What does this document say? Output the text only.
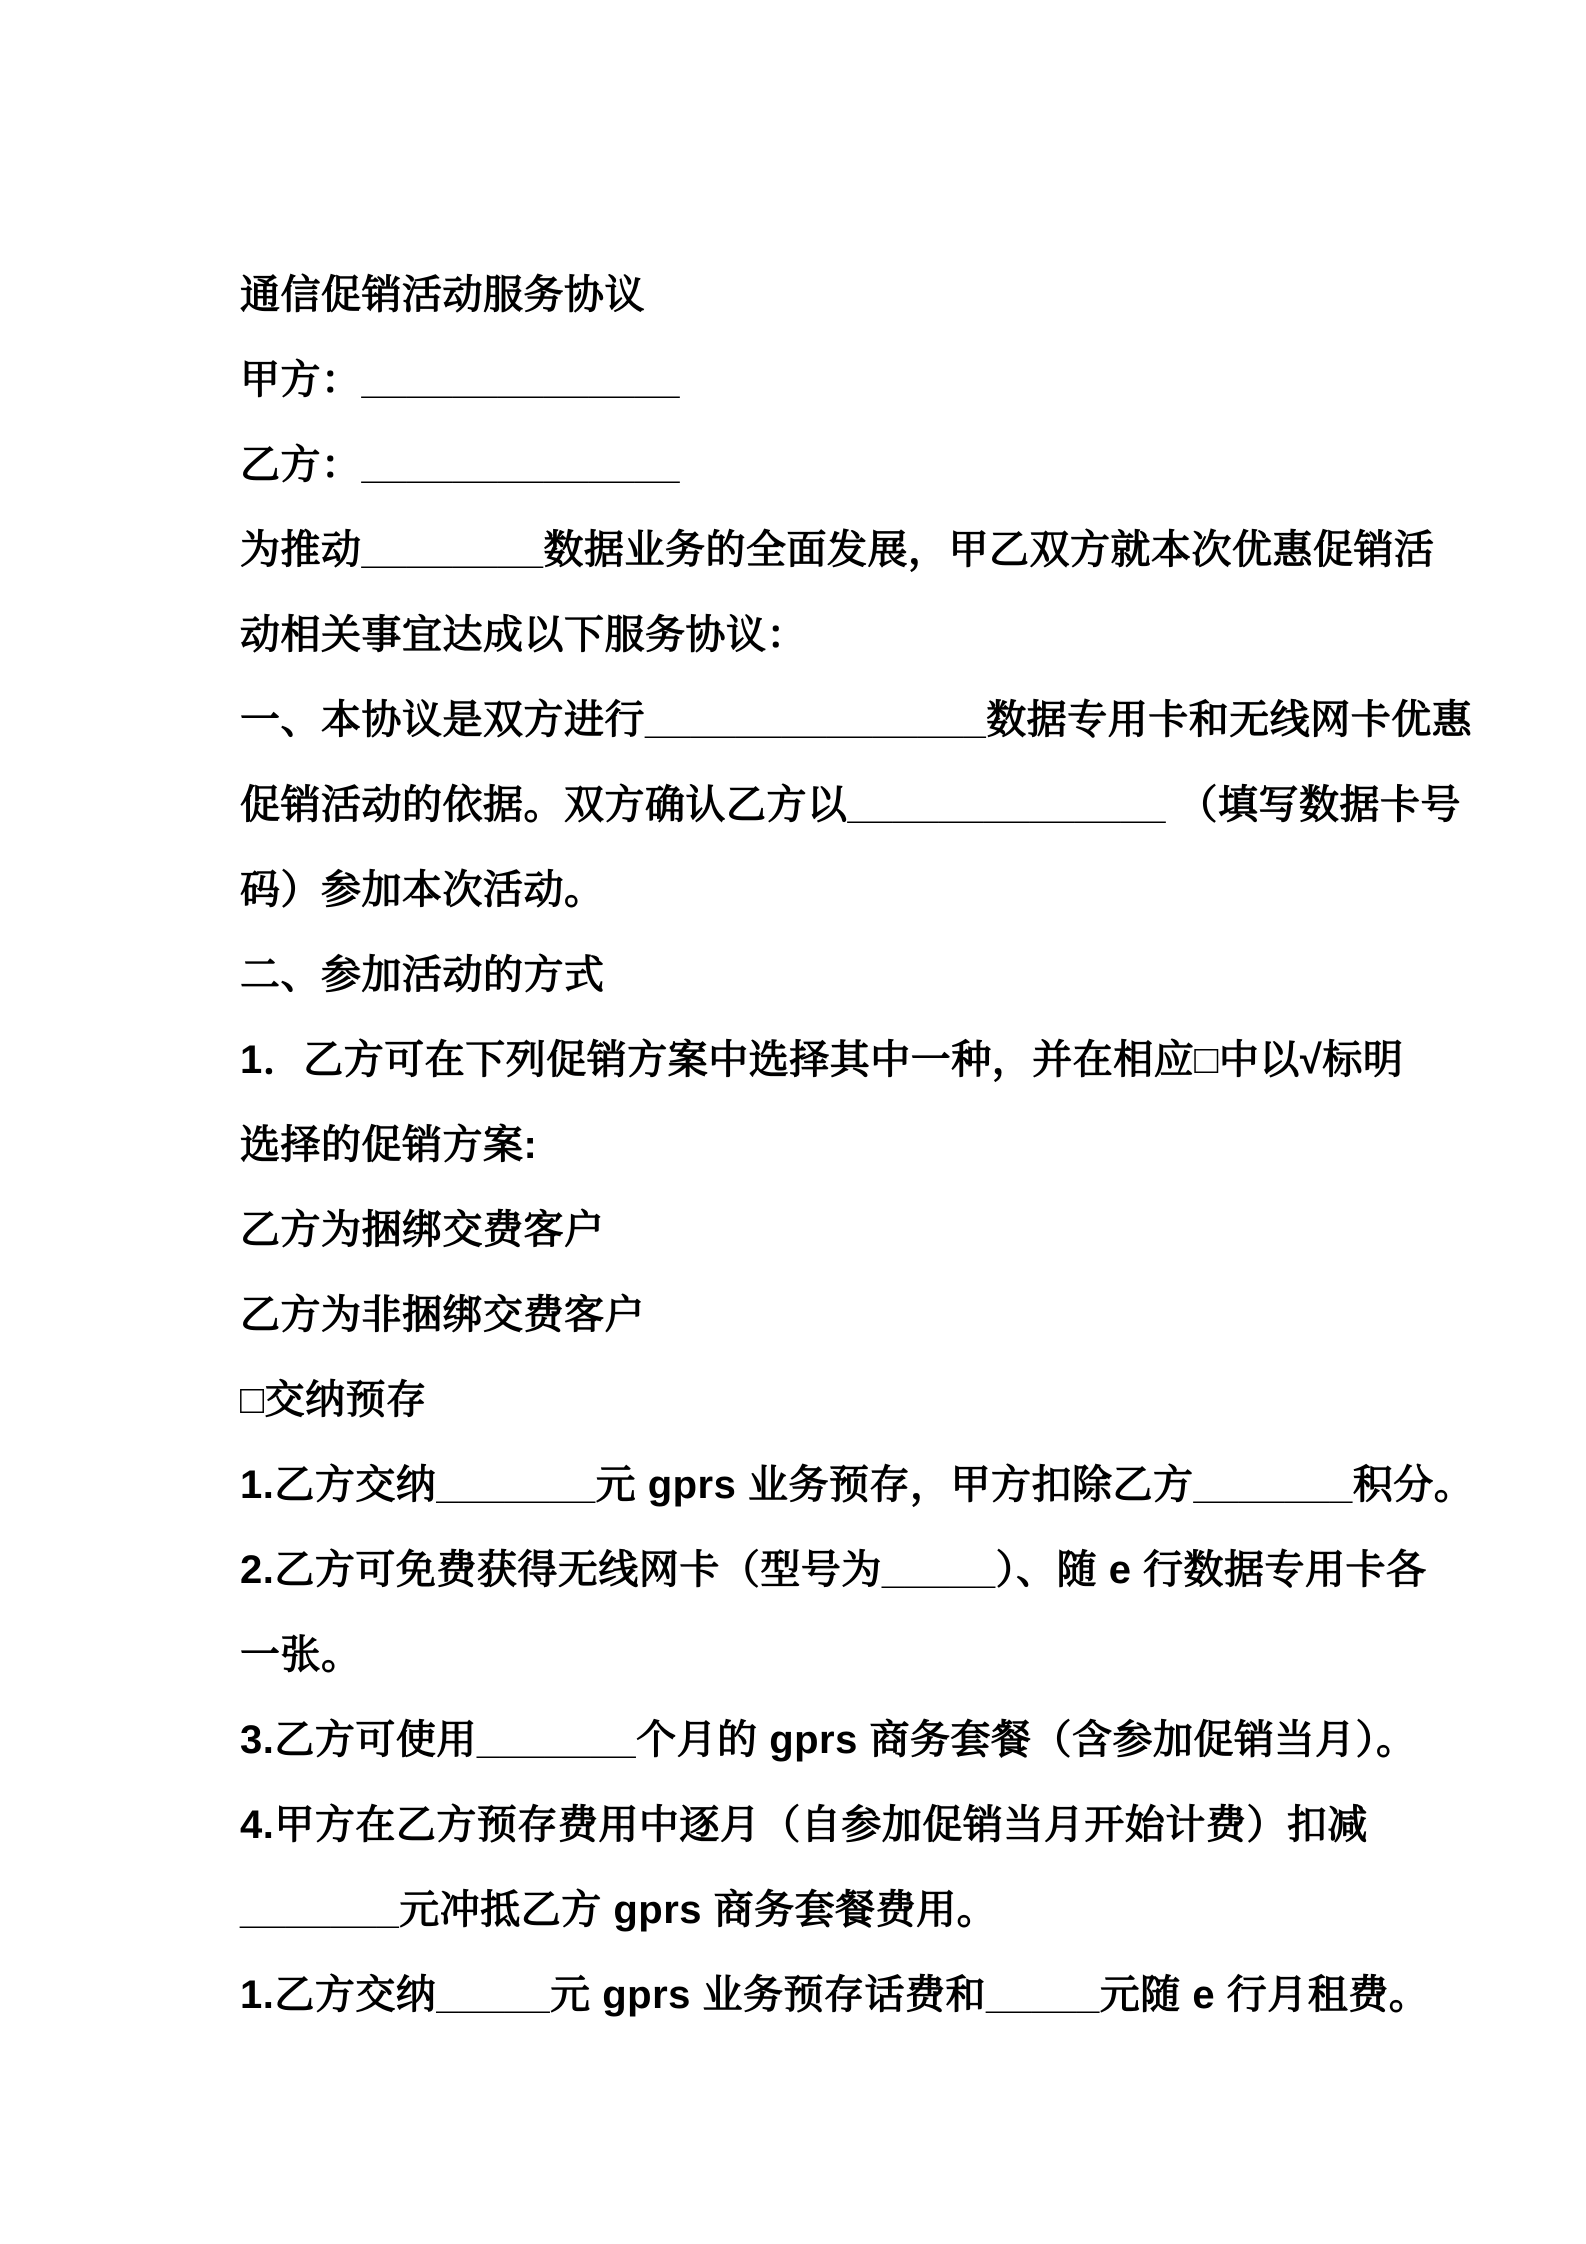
通信促销活动服务协议
甲方：______________
乙方：______________
为推动________数据业务的全面发展，甲乙双方就本次优惠促销活
动相关事宜达成以下服务协议：
一、本协议是双方进行_______________数据专用卡和无线网卡优惠
促销活动的依据。双方确认乙方以______________ （填写数据卡号
码）参加本次活动。
二、参加活动的方式
1．乙方可在下列促销方案中选择其中一种，并在相应□中以√标明
选择的促销方案:
乙方为捆绑交费客户
乙方为非捆绑交费客户
□交纳预存
1.乙方交纳_______元 gprs 业务预存，甲方扣除乙方_______积分。
2.乙方可免费获得无线网卡（型号为_____）、随 e 行数据专用卡各
一张。
3.乙方可使用_______个月的 gprs 商务套餐（含参加促销当月）。
4.甲方在乙方预存费用中逐月（自参加促销当月开始计费）扣减
_______元冲抵乙方 gprs 商务套餐费用。
1.乙方交纳_____元 gprs 业务预存话费和_____元随 e 行月租费。
